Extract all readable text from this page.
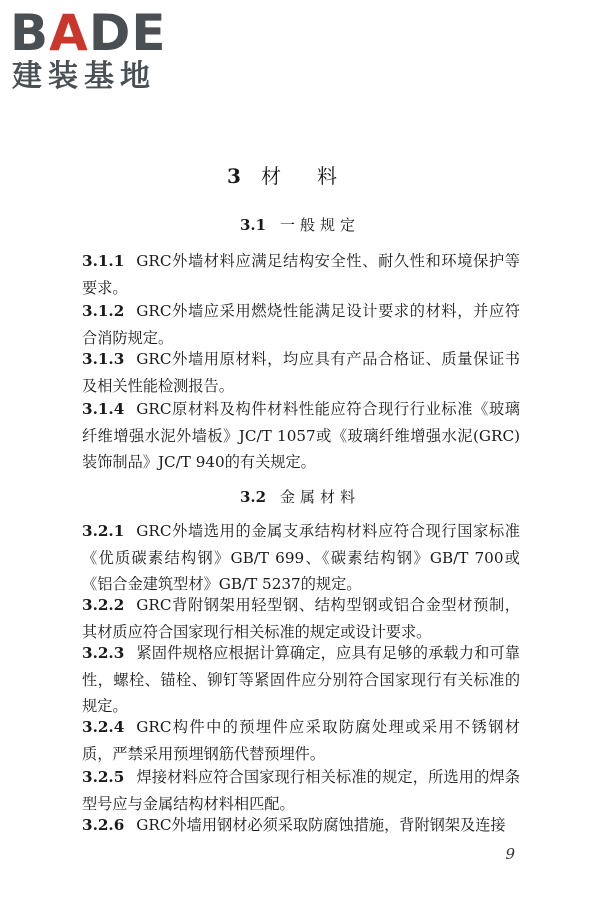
BADE
建装基地
3 材料
3.1 一般规定
3.1.1 GRC外墙材料应满足结构安全性、耐久性和环境保护等要求。
3.1.2 GRC外墙应采用燃烧性能满足设计要求的材料，并应符合消防规定。
3.1.3 GRC外墙用原材料，均应具有产品合格证、质量保证书及相关性能检测报告。
3.1.4 GRC原材料及构件材料性能应符合现行行业标准《玻璃纤维增强水泥外墙板》JC/T 1057或《玻璃纤维增强水泥(GRC)装饰制品》JC/T 940的有关规定。
3.2 金属材料
3.2.1 GRC外墙选用的金属支承结构材料应符合现行国家标准《优质碳素结构钢》GB/T 699、《碳素结构钢》GB/T 700或《铝合金建筑型材》GB/T 5237的规定。
3.2.2 GRC背附钢架用轻型钢、结构型钢或铝合金型材预制，其材质应符合国家现行相关标准的规定或设计要求。
3.2.3 紧固件规格应根据计算确定，应具有足够的承载力和可靠性，螺栓、锚栓、铆钉等紧固件应分别符合国家现行有关标准的规定。
3.2.4 GRC构件中的预埋件应采取防腐处理或采用不锈钢材质，严禁采用预埋钢筋代替预埋件。
3.2.5 焊接材料应符合国家现行相关标准的规定，所选用的焊条型号应与金属结构材料相匹配。
3.2.6 GRC外墙用钢材必须采取防腐蚀措施，背附钢架及连接
9
